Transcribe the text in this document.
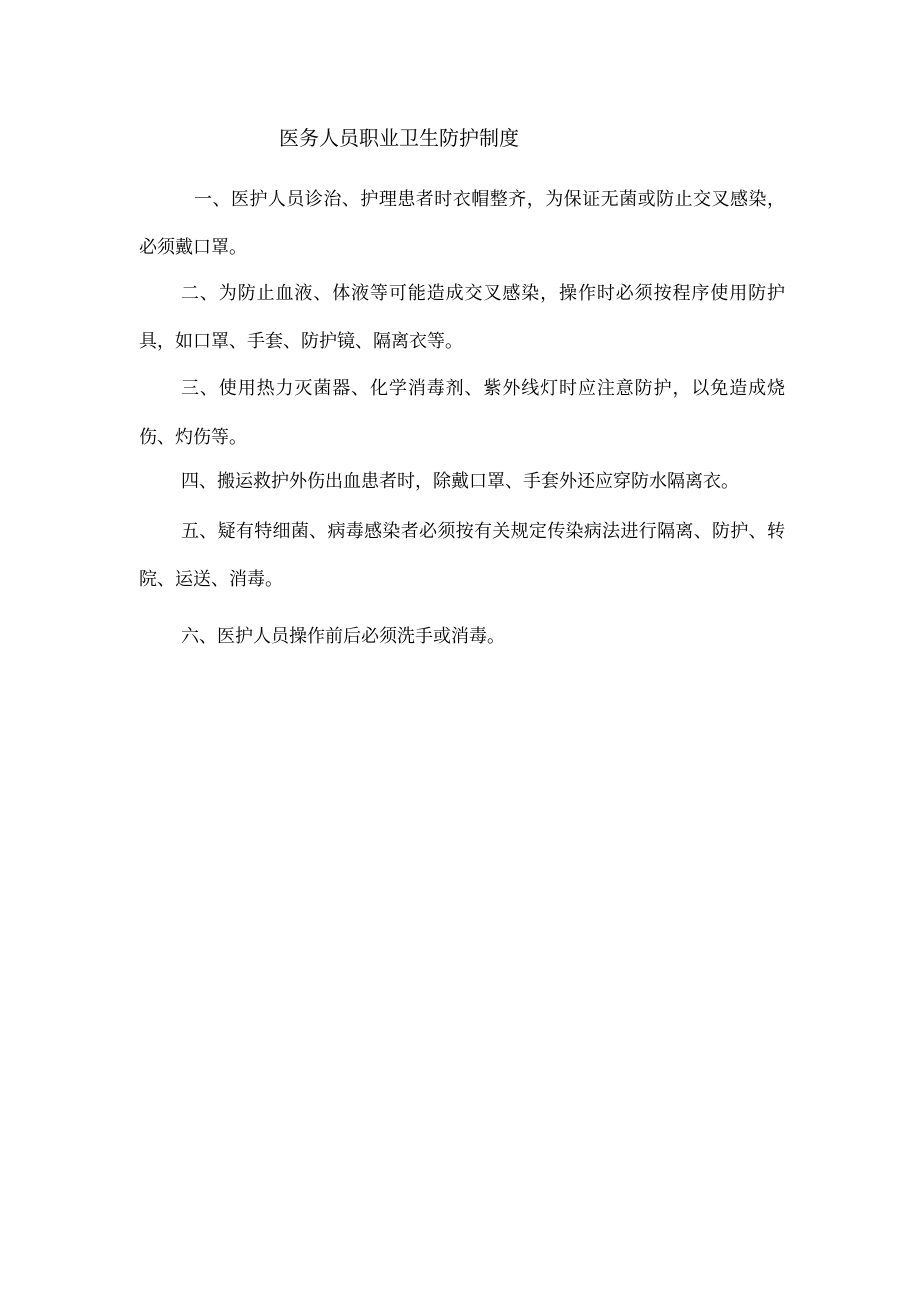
医务人员职业卫生防护制度

一、医护人员诊治、护理患者时衣帽整齐，为保证无菌或防止交叉感染，必须戴口罩。

二、为防止血液、体液等可能造成交叉感染，操作时必须按程序使用防护具，如口罩、手套、防护镜、隔离衣等。

三、使用热力灭菌器、化学消毒剂、紫外线灯时应注意防护，以免造成烧伤、灼伤等。

四、搬运救护外伤出血患者时，除戴口罩、手套外还应穿防水隔离衣。

五、疑有特细菌、病毒感染者必须按有关规定传染病法进行隔离、防护、转院、运送、消毒。

六、医护人员操作前后必须洗手或消毒。
